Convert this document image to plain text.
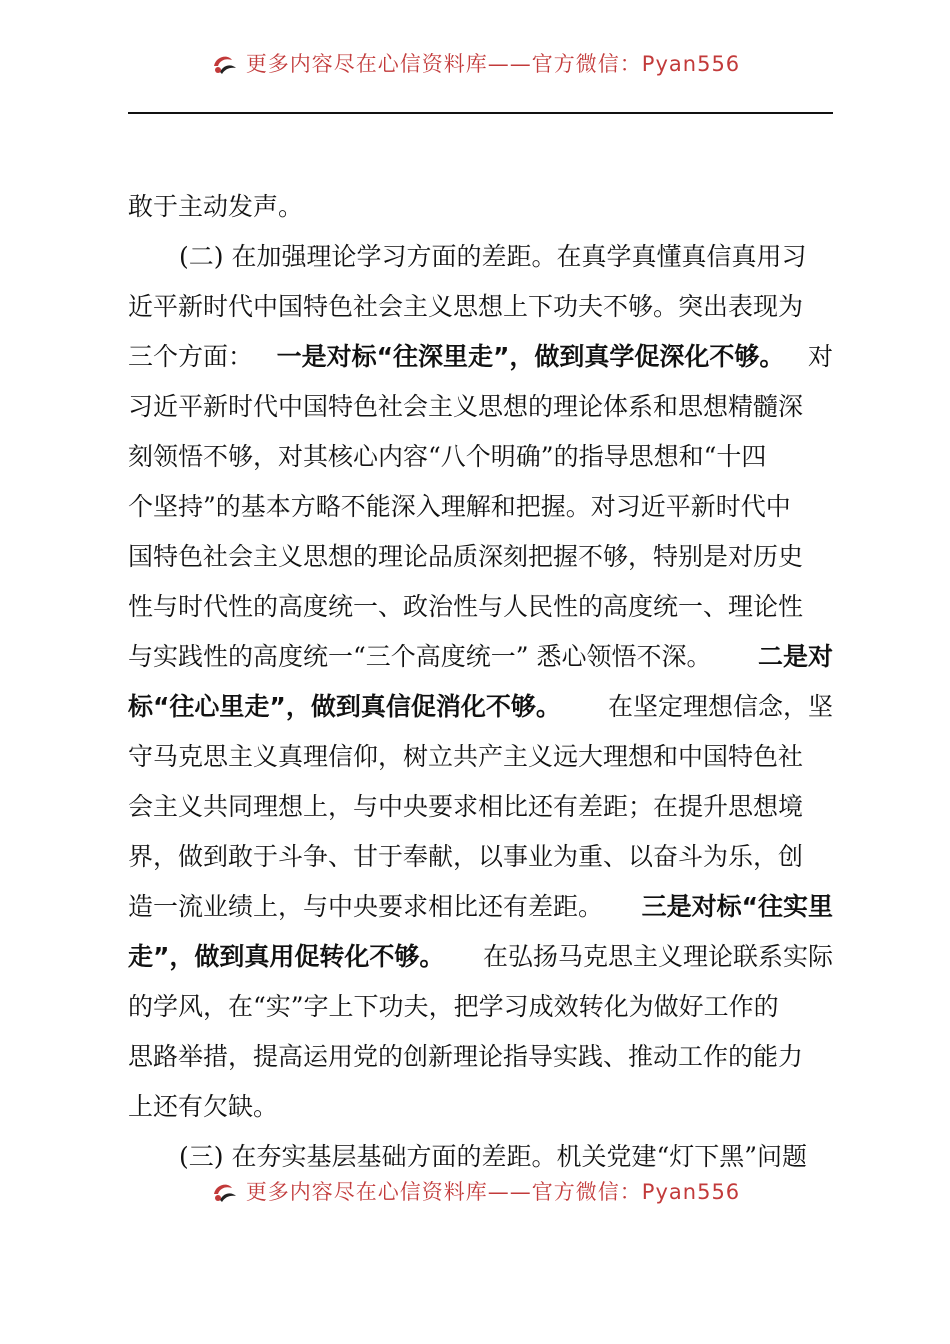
更多内容尽在心信资料库——官方微信：Pyan556
敢于主动发声。
(二) 在加强理论学习方面的差距。在真学真懂真信真用习
近平新时代中国特色社会主义思想上下功夫不够。突出表现为
三个方面： 一是对标“往深里走”，做到真学促深化不够。 对
习近平新时代中国特色社会主义思想的理论体系和思想精髓深
刻领悟不够，对其核心内容“八个明确”的指导思想和“十四
个坚持”的基本方略不能深入理解和把握。对习近平新时代中
国特色社会主义思想的理论品质深刻把握不够，特别是对历史
性与时代性的高度统一、政治性与人民性的高度统一、理论性
与实践性的高度统一“三个高度统一” 悉心领悟不深。 二是对
标“往心里走”，做到真信促消化不够。 在坚定理想信念，坚
守马克思主义真理信仰，树立共产主义远大理想和中国特色社
会主义共同理想上，与中央要求相比还有差距；在提升思想境
界，做到敢于斗争、甘于奉献，以事业为重、以奋斗为乐，创
造一流业绩上，与中央要求相比还有差距。 三是对标“往实里
走”，做到真用促转化不够。 在弘扬马克思主义理论联系实际
的学风，在“实”字上下功夫，把学习成效转化为做好工作的
思路举措，提高运用党的创新理论指导实践、推动工作的能力
上还有欠缺。
(三) 在夯实基层基础方面的差距。机关党建“灯下黑”问题
更多内容尽在心信资料库——官方微信：Pyan556
